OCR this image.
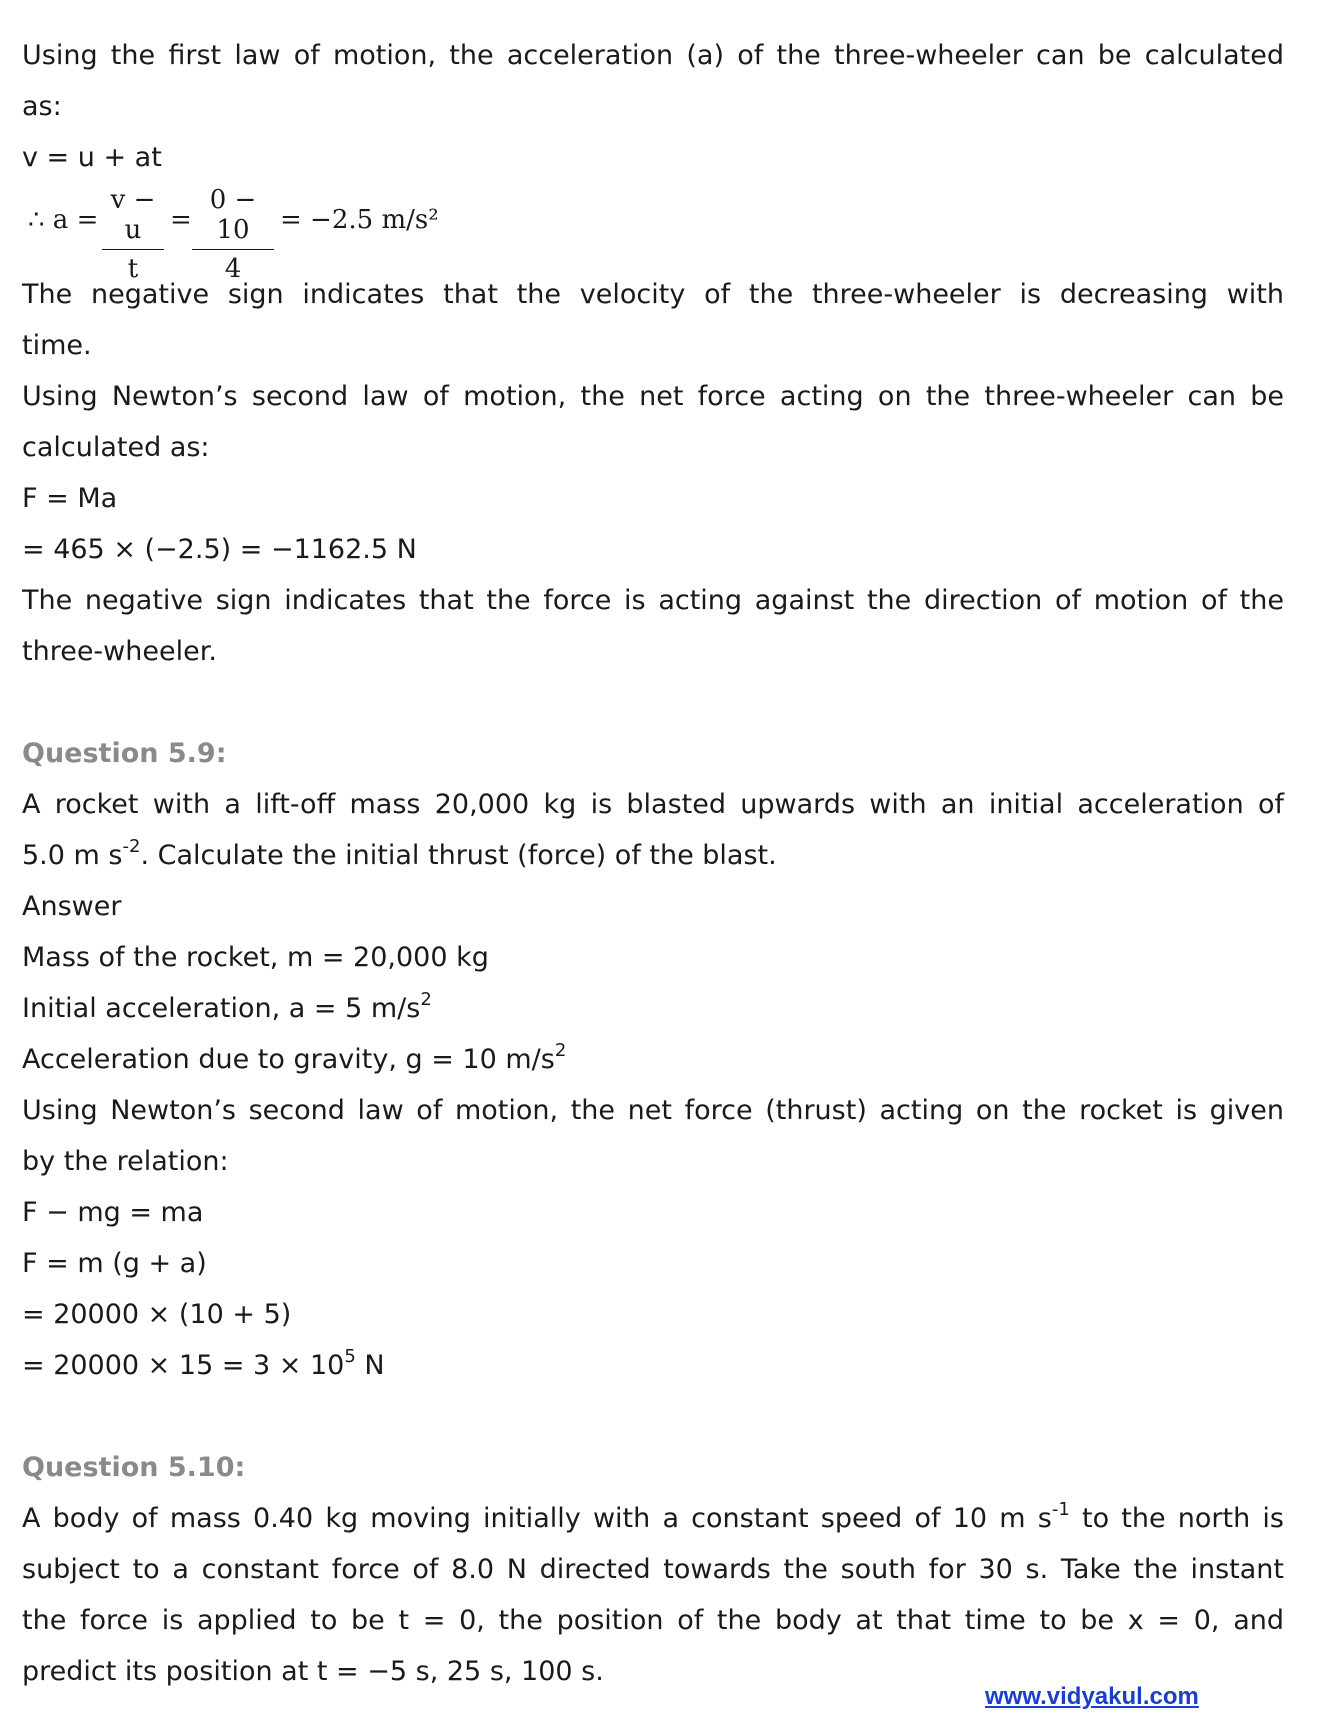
Using the first law of motion, the acceleration (a) of the three-wheeler can be calculated
as:
v = u + at
∴ a =
v − u
t
=
0 − 10
4
= −2.5 m/s²
The negative sign indicates that the velocity of the three-wheeler is decreasing with
time.
Using Newton’s second law of motion, the net force acting on the three-wheeler can be
calculated as:
F = Ma
= 465 × (−2.5) = −1162.5 N
The negative sign indicates that the force is acting against the direction of motion of the
three-wheeler.
Question 5.9:
A rocket with a lift-off mass 20,000 kg is blasted upwards with an initial acceleration of
5.0 m $s^{-2}$. Calculate the initial thrust (force) of the blast.
Answer
Mass of the rocket, m = 20,000 kg
Initial acceleration, a = 5 $m/s^2$
Acceleration due to gravity, g = 10 $m/s^2$
Using Newton’s second law of motion, the net force (thrust) acting on the rocket is given
by the relation:
F − mg = ma
F = m (g + a)
= 20000 × (10 + 5)
= $20000 \times 15 = 3 \times 10^5$ N
Question 5.10:
A body of mass 0.40 kg moving initially with a constant speed of 10 m $s^{-1}$ to the north is
subject to a constant force of 8.0 N directed towards the south for 30 s. Take the instant
the force is applied to be t = 0, the position of the body at that time to be x = 0, and
predict its position at t = −5 s, 25 s, 100 s.
www.vidyakul.com
